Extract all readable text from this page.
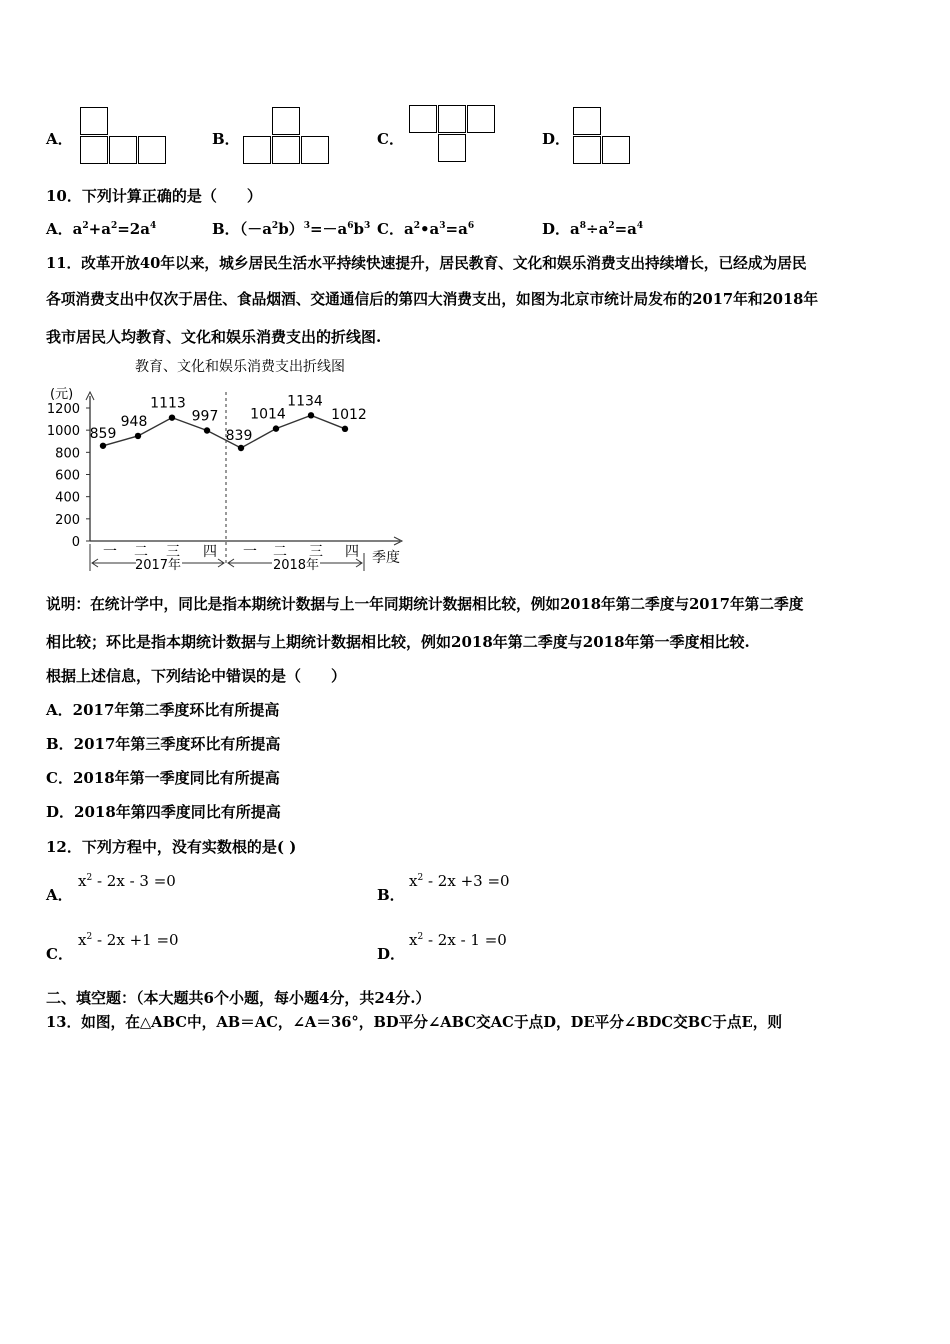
A．	B．	C．	D．
10．下列计算正确的是（　　）
A．$a^2+a^2=2a^4$	B．$(-a^2b)^3=-a^6b^3$ C．$a^2•a^3=a^6$	D．$a^8\div a^2=a^4$
11．改革开放40年以来，城乡居民生活水平持续快速提升，居民教育、文化和娱乐消费支出持续增长，已经成为居民
各项消费支出中仅次于居住、食品烟酒、交通通信后的第四大消费支出，如图为北京市统计局发布的2017年和2018年
我市居民人均教育、文化和娱乐消费支出的折线图.
教育、文化和娱乐消费支出折线图
(元)
季度
0
200
400
600
800
1000
1200
859
948
1113
997
839
1014
1134
1012
一 二 三 四 一 二 三 四
2017年	2018年
说明：在统计学中，同比是指本期统计数据与上一年同期统计数据相比较，例如2018年第二季度与2017年第二季度
相比较；环比是指本期统计数据与上期统计数据相比较，例如2018年第二季度与2018年第一季度相比较.
根据上述信息，下列结论中错误的是（　　）
A．2017年第二季度环比有所提高
B．2017年第三季度环比有所提高
C．2018年第一季度同比有所提高
D．2018年第四季度同比有所提高
12．下列方程中，没有实数根的是( )
A．
$x^2 - 2x - 3 =0$
B．
$x^2 - 2x +3 =0$
C．
$x^2 - 2x +1 =0$
D．
$x^2 - 2x - 1 =0$
二、填空题：（本大题共6个小题，每小题4分，共24分.）
13．如图，在△ABC中，AB＝AC，∠A＝36°，BD平分∠ABC交AC于点D，DE平分∠BDC交BC于点E，则
